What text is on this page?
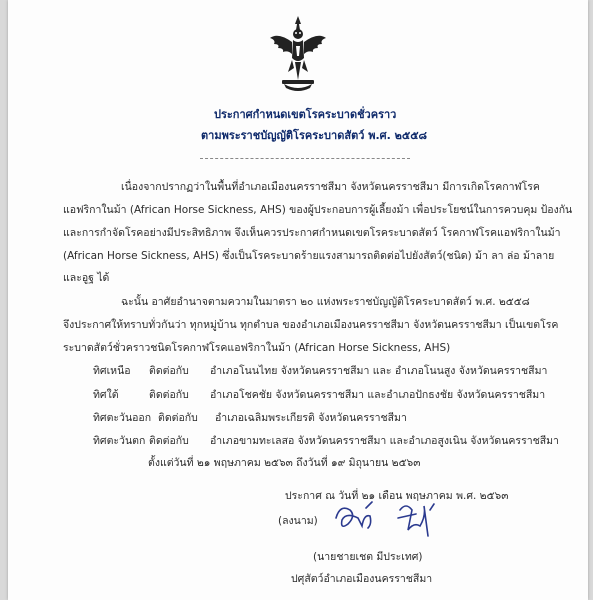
ประกาศกำหนดเขตโรคระบาดชั่วคราว
ตามพระราชบัญญัติโรคระบาดสัตว์ พ.ศ. ๒๕๕๘
เนื่องจากปรากฏว่าในพื้นที่อำเภอเมืองนครราชสีมา จังหวัดนครราชสีมา มีการเกิดโรคกาฬโรค
แอฟริกาในม้า (African Horse Sickness, AHS) ของผู้ประกอบการผู้เลี้ยงม้า เพื่อประโยชน์ในการควบคุม ป้องกัน
และการกำจัดโรคอย่างมีประสิทธิภาพ จึงเห็นควรประกาศกำหนดเขตโรคระบาดสัตว์ โรคกาฬโรคแอฟริกาในม้า
(African Horse Sickness, AHS) ซึ่งเป็นโรคระบาดร้ายแรงสามารถติดต่อไปยังสัตว์(ชนิด) ม้า ลา ล่อ ม้าลาย
และอูฐ ได้
ฉะนั้น อาศัยอำนาจตามความในมาตรา ๒๐ แห่งพระราชบัญญัติโรคระบาดสัตว์ พ.ศ. ๒๕๕๘
จึงประกาศให้ทราบทั่วกันว่า ทุกหมู่บ้าน ทุกตำบล ของอำเภอเมืองนครราชสีมา จังหวัดนครราชสีมา เป็นเขตโรค
ระบาดสัตว์ชั่วคราวชนิดโรคกาฬโรคแอฟริกาในม้า (African Horse Sickness, AHS)
ทิศเหนือ ติดต่อกับ อำเภอโนนไทย จังหวัดนครราชสีมา และ อำเภอโนนสูง จังหวัดนครราชสีมา
ทิศใต้	ติดต่อกับ อำเภอโชคชัย จังหวัดนครราชสีมา และอำเภอปักธงชัย จังหวัดนครราชสีมา
ทิศตะวันออก ติดต่อกับ อำเภอเฉลิมพระเกียรติ จังหวัดนครราชสีมา
ทิศตะวันตก ติดต่อกับ อำเภอขามทะเลสอ จังหวัดนครราชสีมา และอำเภอสูงเนิน จังหวัดนครราชสีมา
ตั้งแต่วันที่ ๒๑ พฤษภาคม ๒๕๖๓ ถึงวันที่ ๑๙ มิถุนายน ๒๕๖๓
ประกาศ ณ วันที่ ๒๑ เดือน พฤษภาคม พ.ศ. ๒๕๖๓
(ลงนาม)
(นายชายเชต มีประเทศ)
ปศุสัตว์อำเภอเมืองนครราชสีมา
